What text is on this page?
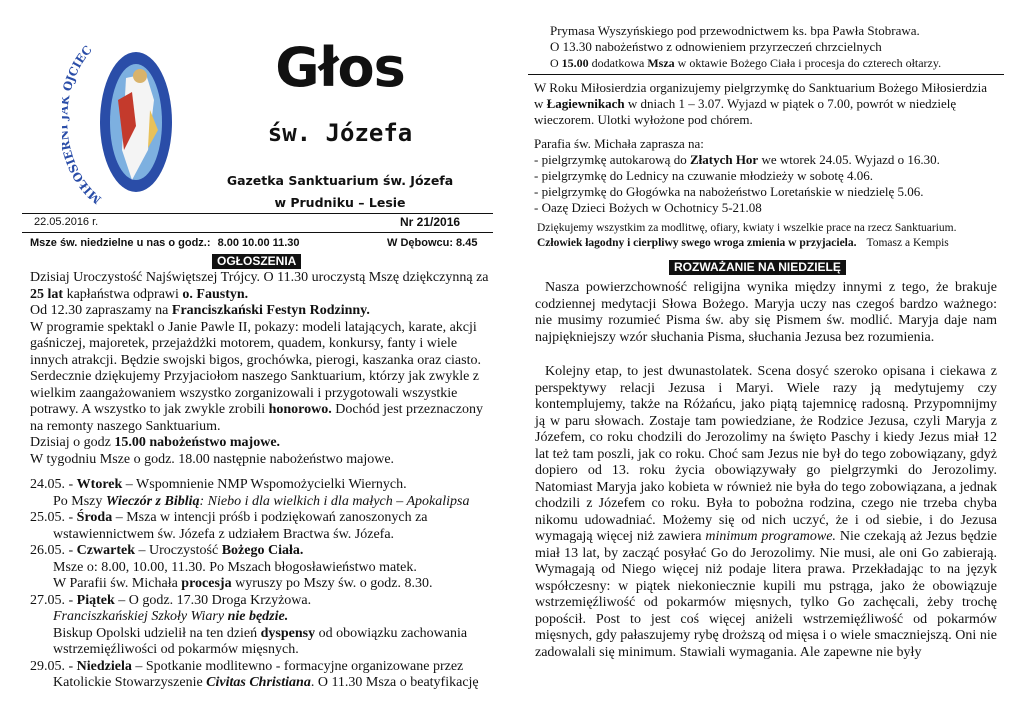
MIŁOSI JCIEC	Głos
św. Józefa
Gazetka Sanktuarium św. Józefa
w Prudniku – Lesie
22.05.2016 r.	Nr 21/2016
Msze św. niedzielne u nas o godz.: 8.00 10.00 11.30	W Dębowcu: 8.45
OGŁOSZENIA

Dzisiaj Uroczystość Najświętszej Trójcy. O 11.30 uroczystą Mszę dziękczynną za 25 lat kapłaństwa odprawi o. Faustyn.
Od 12.30 zapraszamy na Franciszkański Festyn Rodzinny.
W programie spektakl o Janie Pawle II, pokazy: modeli latających, karate, akcji gaśniczej, majoretek, przejażdżki motorem, quadem, konkursy, fanty i wiele innych atrakcji. Będzie swojski bigos, grochówka, pierogi, kaszanka oraz ciasto. Serdecznie dziękujemy Przyjaciołom naszego Sanktuarium, którzy jak zwykle z wielkim zaangażowaniem wszystko zorganizowali i przygotowali wszystkie potrawy. A wszystko to jak zwykle zrobili honorowo. Dochód jest przeznaczony na remonty naszego Sanktuarium.
Dzisiaj o godz 15.00 nabożeństwo majowe.
W tygodniu Msze o godz. 18.00 następnie nabożeństwo majowe.

24.05. - Wtorek – Wspomnienie NMP Wspomożycielki Wiernych.
Po Mszy Wieczór z Biblią: Niebo i dla wielkich i dla małych – Apokalipsa
25.05. - Środa – Msza w intencji próśb i podziękowań zanoszonych za
wstawiennictwem św. Józefa z udziałem Bractwa św. Józefa.
26.05. - Czwartek – Uroczystość Bożego Ciała.
Msze o: 8.00, 10.00, 11.30. Po Mszach błogosławieństwo matek.
W Parafii św. Michała procesja wyruszy po Mszy św. o godz. 8.30.
27.05. - Piątek – O godz. 17.30 Droga Krzyżowa.
Franciszkańskiej Szkoły Wiary nie będzie.
Biskup Opolski udzielił na ten dzień dyspensy od obowiązku zachowania
wstrzemięźliwości od pokarmów mięsnych.
29.05. - Niedziela – Spotkanie modlitewno - formacyjne organizowane przez
Katolickie Stowarzyszenie Civitas Christiana. O 11.30 Msza o beatyfikację

Prymasa Wyszyńskiego pod przewodnictwem ks. bpa Pawła Stobrawa.
O 13.30 nabożeństwo z odnowieniem przyrzeczeń chrzcielnych
O 15.00 dodatkowa Msza w oktawie Bożego Ciała i procesja do czterech ołtarzy.

W Roku Miłosierdzia organizujemy pielgrzymkę do Sanktuarium Bożego Miłosierdzia w Łagiewnikach w dniach 1 – 3.07. Wyjazd w piątek o 7.00, powrót w niedzielę wieczorem. Ulotki wyłożone pod chórem.

Parafia św. Michała zaprasza na:
- pielgrzymkę autokarową do Złatych Hor we wtorek 24.05. Wyjazd o 16.30.
- pielgrzymkę do Lednicy na czuwanie młodzieży w sobotę 4.06.
- pielgrzymkę do Głogówka na nabożeństwo Loretańskie w niedzielę 5.06.
- Oazę Dzieci Bożych w Ochotnicy 5-21.08

Dziękujemy wszystkim za modlitwę, ofiary, kwiaty i wszelkie prace na rzecz Sanktuarium.
Człowiek łagodny i cierpliwy swego wroga zmienia w przyjaciela. Tomasz a Kempis

ROZWAŻANIE NA NIEDZIELĘ

Nasza powierzchowność religijna wynika między innymi z tego, że brakuje codziennej medytacji Słowa Bożego. Maryja uczy nas czegoś bardzo ważnego: nie musimy rozumieć Pisma św. aby się Pismem św. modlić. Maryja daje nam najpiękniejszy wzór słuchania Pisma, słuchania Jezusa bez rozumienia.

Kolejny etap, to jest dwunastolatek. Scena dosyć szeroko opisana i ciekawa z perspektywy relacji Jezusa i Maryi. Wiele razy ją medytujemy czy kontemplujemy, także na Różańcu, jako piątą tajemnicę radosną. Przypomnijmy ją w paru słowach. Zostaje tam powiedziane, że Rodzice Jezusa, czyli Maryja z Józefem, co roku chodzili do Jerozolimy na święto Paschy i kiedy Jezus miał 12 lat też tam poszli, jak co roku. Choć sam Jezus nie był do tego zobowiązany, gdyż dopiero od 13. roku życia obowiązywały go pielgrzymki do Jerozolimy. Natomiast Maryja jako kobieta w również nie była do tego zobowiązana, a jednak chodzili z Józefem co roku. Była to pobożna rodzina, czego nie trzeba chyba nikomu udowadniać. Możemy się od nich uczyć, że i od siebie, i do Jezusa wymagają więcej niż zawiera minimum programowe. Nie czekają aż Jezus będzie miał 13 lat, by zacząć posyłać Go do Jerozolimy. Nie musi, ale oni Go zabierają. Wymagają od Niego więcej niż podaje litera prawa. Przekładając to na język współczesny: w piątek niekoniecznie kupili mu pstrąga, jako że obowiązuje wstrzemięźliwość od pokarmów mięsnych, tylko Go zachęcali, żeby trochę popościł. Post to jest coś więcej aniżeli wstrzemięźliwość od pokarmów mięsnych, gdy pałaszujemy rybę droższą od mięsa i o wiele smaczniejszą. Oni nie zadowalali się minimum. Stawiali wymagania. Ale zapewne nie były
